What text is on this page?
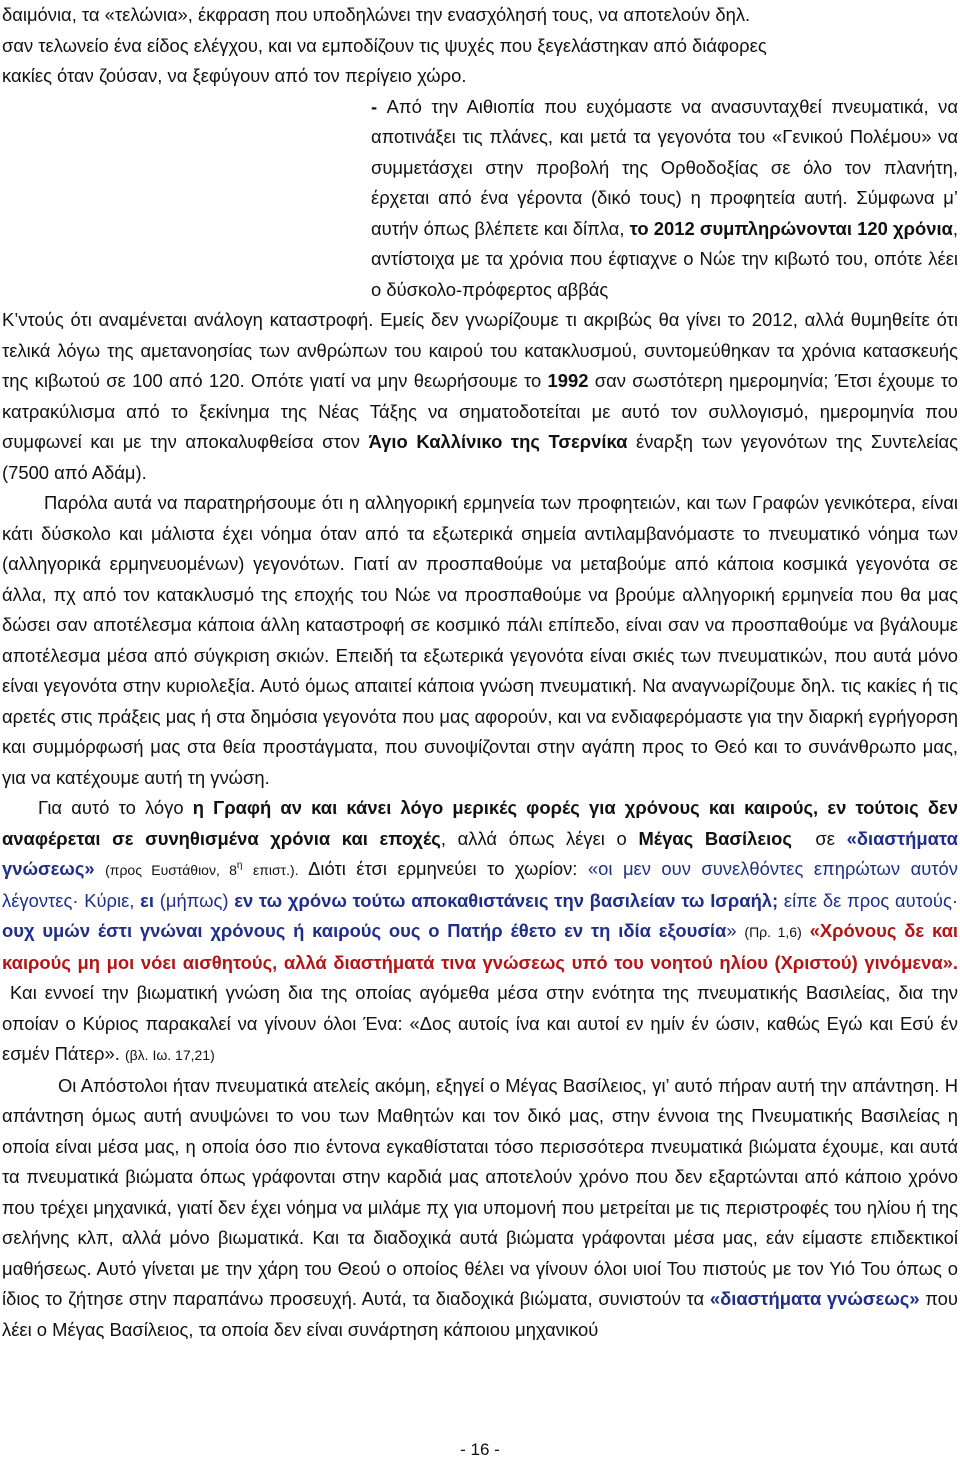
δαιμόνια, τα «τελώνια», έκφραση που υποδηλώνει την ενασχόλησή τους, να αποτελούν δηλ.
σαν τελωνείο ένα είδος ελέγχου, και να εμποδίζουν τις ψυχές που ξεγελάστηκαν από διάφορες
κακίες όταν ζούσαν, να ξεφύγουν από τον περίγειο χώρο.

- Από την Αιθιοπία που ευχόμαστε να ανασυνταχθεί πνευματικά, να αποτινάξει τις πλάνες, και μετά τα γεγονότα του «Γενικού Πολέμου» να συμμετάσχει στην προβολή της Ορθοδοξίας σε όλο τον πλανήτη, έρχεται από ένα γέροντα (δικό τους) η προφητεία αυτή. Σύμφωνα μ’ αυτήν όπως βλέπετε και δίπλα, το 2012 συμπληρώνονται 120 χρόνια, αντίστοιχα με τα χρόνια που έφτιαχνε ο Νώε την κιβωτό του, οπότε λέει ο δύσκολο-πρόφερτος αββάς

Κ’ντούς ότι αναμένεται ανάλογη καταστροφή. Εμείς δεν γνωρίζουμε τι ακριβώς θα γίνει το 2012, αλλά θυμηθείτε ότι τελικά λόγω της αμετανοησίας των ανθρώπων του καιρού του κατακλυσμού, συντομεύθηκαν τα χρόνια κατασκευής της κιβωτού σε 100 από 120. Οπότε γιατί να μην θεωρήσουμε το 1992 σαν σωστότερη ημερομηνία; Έτσι έχουμε το κατρακύλισμα από το ξεκίνημα της Νέας Τάξης να σηματοδοτείται με αυτό τον συλλογισμό, ημερομηνία που συμφωνεί και με την αποκαλυφθείσα στον Άγιο Καλλίνικο της Τσερνίκα έναρξη των γεγονότων της Συντελείας (7500 από Αδάμ).

Παρόλα αυτά να παρατηρήσουμε ότι η αλληγορική ερμηνεία των προφητειών, και των Γραφών γενικότερα, είναι κάτι δύσκολο και μάλιστα έχει νόημα όταν από τα εξωτερικά σημεία αντιλαμβανόμαστε το πνευματικό νόημα των (αλληγορικά ερμηνευομένων) γεγονότων. Γιατί αν προσπαθούμε να μεταβούμε από κάποια κοσμικά γεγονότα σε άλλα, πχ από τον κατακλυσμό της εποχής του Νώε να προσπαθούμε να βρούμε αλληγορική ερμηνεία που θα μας δώσει σαν αποτέλεσμα κάποια άλλη καταστροφή σε κοσμικό πάλι επίπεδο, είναι σαν να προσπαθούμε να βγάλουμε αποτέλεσμα μέσα από σύγκριση σκιών. Επειδή τα εξωτερικά γεγονότα είναι σκιές των πνευματικών, που αυτά μόνο είναι γεγονότα στην κυριολεξία. Αυτό όμως απαιτεί κάποια γνώση πνευματική. Να αναγνωρίζουμε δηλ. τις κακίες ή τις αρετές στις πράξεις μας ή στα δημόσια γεγονότα που μας αφορούν, και να ενδιαφερόμαστε για την διαρκή εγρήγορση και συμμόρφωσή μας στα θεία προστάγματα, που συνοψίζονται στην αγάπη προς το Θεό και το συνάνθρωπο μας, για να κατέχουμε αυτή τη γνώση.

Για αυτό το λόγο η Γραφή αν και κάνει λόγο μερικές φορές για χρόνους και καιρούς, εν τούτοις δεν αναφέρεται σε συνηθισμένα χρόνια και εποχές, αλλά όπως λέγει ο Μέγας Βασίλειος σε «διαστήματα γνώσεως» (προς Ευστάθιον, $8^\eta$ επιστ.). Διότι έτσι ερμηνεύει το χωρίον: «οι μεν ουν συνελθόντες επηρώτων αυτόν λέγοντες· Κύριε, ει (μήπως) εν τω χρόνω τούτω αποκαθιστάνεις την βασιλείαν τω Ισραήλ; είπε δε προς αυτούς· ουχ υμών έστι γνώναι χρόνους ή καιρούς ους ο Πατήρ έθετο εν τη ιδία εξουσία» (Πρ. 1,6) «Χρόνους δε και καιρούς μη μοι νόει αισθητούς, αλλά διαστήματά τινα γνώσεως υπό του νοητού ηλίου (Χριστού) γινόμενα».  Και εννοεί την βιωματική γνώση δια της οποίας αγόμεθα μέσα στην ενότητα της πνευματικής Βασιλείας, δια την οποίαν ο Κύριος παρακαλεί να γίνουν όλοι Ένα: «Δος αυτοίς ίνα και αυτοί εν ημίν έν ώσιν, καθώς Εγώ και Εσύ έν εσμέν Πάτερ». (βλ. Ιω. 17,21)

Οι Απόστολοι ήταν πνευματικά ατελείς ακόμη, εξηγεί ο Μέγας Βασίλειος, γι’ αυτό πήραν αυτή την απάντηση. Η απάντηση όμως αυτή ανυψώνει το νου των Μαθητών και τον δικό μας, στην έννοια της Πνευματικής Βασιλείας η οποία είναι μέσα μας, η οποία όσο πιο έντονα εγκαθίσταται τόσο περισσότερα πνευματικά βιώματα έχουμε, και αυτά τα πνευματικά βιώματα όπως γράφονται στην καρδιά μας αποτελούν χρόνο που δεν εξαρτώνται από κάποιο χρόνο που τρέχει μηχανικά, γιατί δεν έχει νόημα να μιλάμε πχ για υπομονή που μετρείται με τις περιστροφές του ηλίου ή της σελήνης κλπ, αλλά μόνο βιωματικά. Και τα διαδοχικά αυτά βιώματα γράφονται μέσα μας, εάν είμαστε επιδεκτικοί μαθήσεως. Αυτό γίνεται με την χάρη του Θεού ο οποίος θέλει να γίνουν όλοι υιοί Του πιστούς με τον Υιό Του όπως ο ίδιος το ζήτησε στην παραπάνω προσευχή. Αυτά, τα διαδοχικά βιώματα, συνιστούν τα «διαστήματα γνώσεως» που λέει ο Μέγας Βασίλειος, τα οποία δεν είναι συνάρτηση κάποιου μηχανικού

- 16 -
